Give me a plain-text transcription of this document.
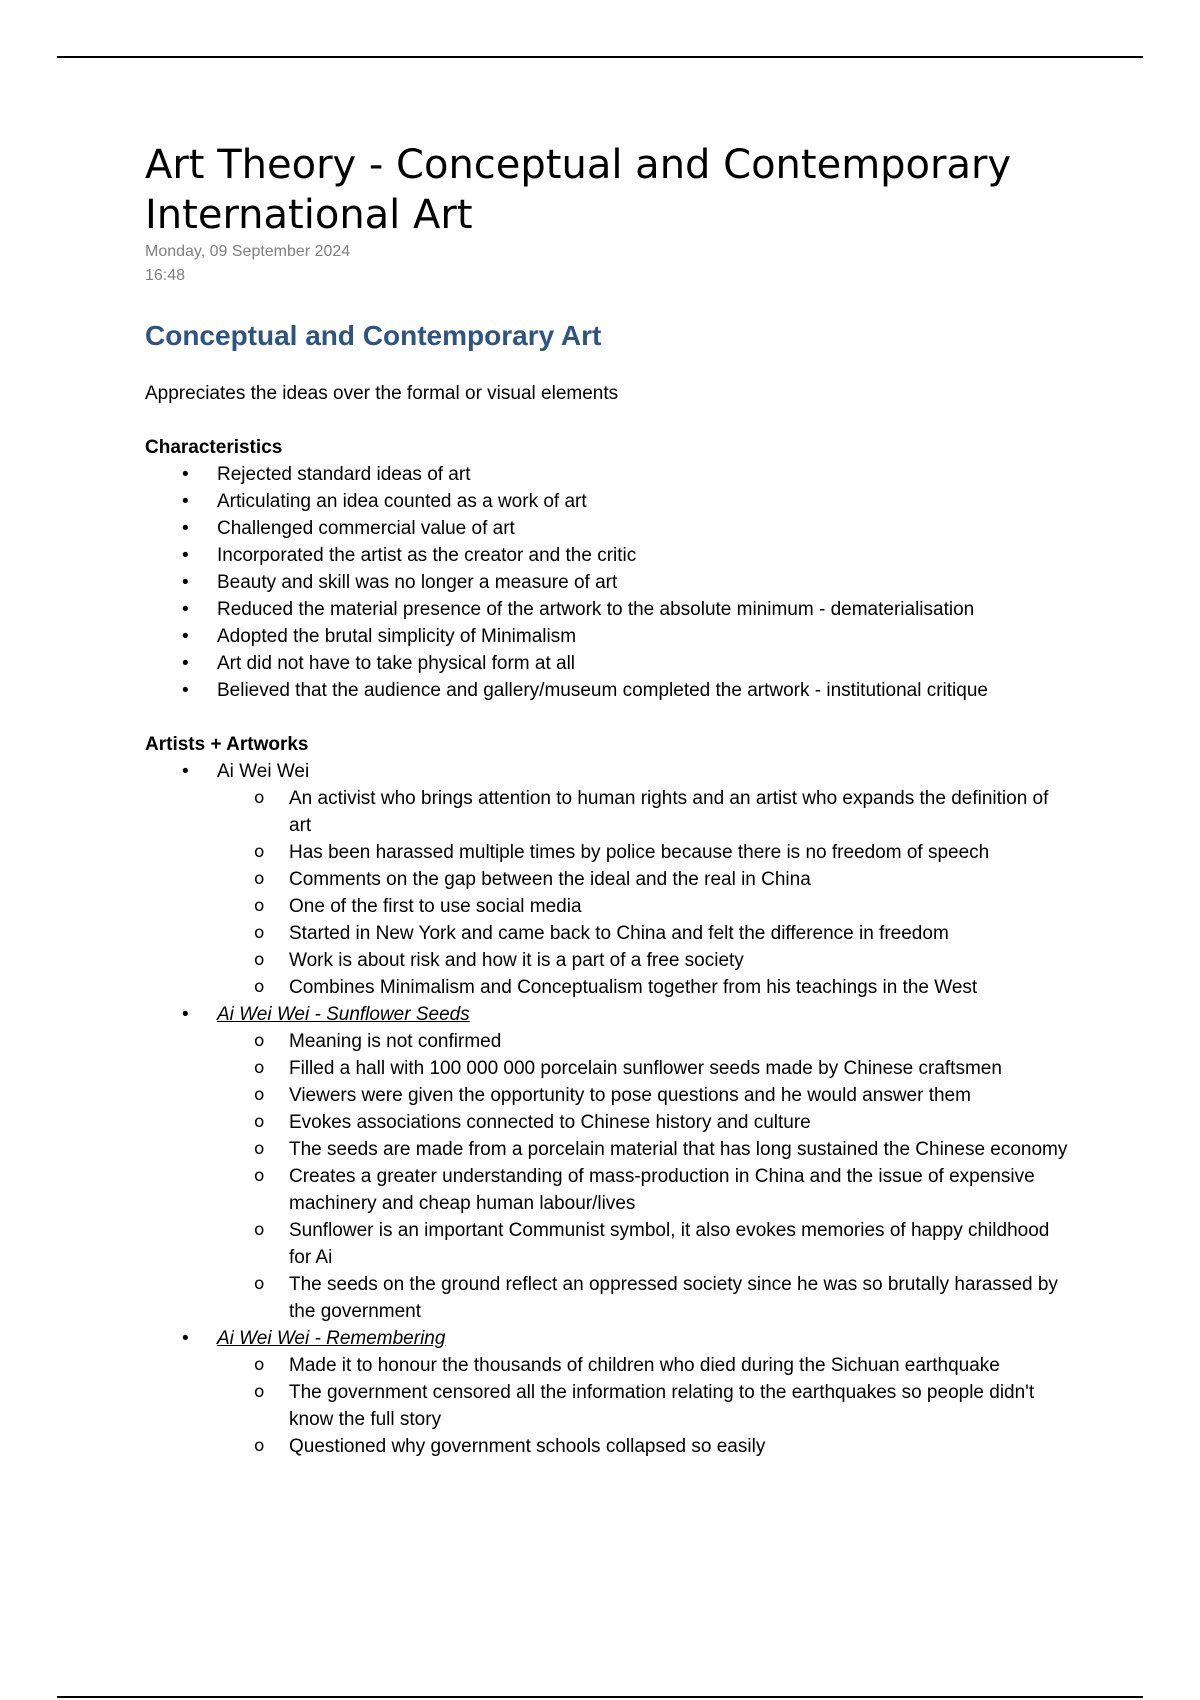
Art Theory - Conceptual and Contemporary International Art
Monday, 09 September 2024
16:48
Conceptual and Contemporary Art
Appreciates the ideas over the formal or visual elements
Characteristics
• Rejected standard ideas of art
• Articulating an idea counted as a work of art
• Challenged commercial value of art
• Incorporated the artist as the creator and the critic
• Beauty and skill was no longer a measure of art
• Reduced the material presence of the artwork to the absolute minimum - dematerialisation
• Adopted the brutal simplicity of Minimalism
• Art did not have to take physical form at all
• Believed that the audience and gallery/museum completed the artwork - institutional critique
Artists + Artworks
• Ai Wei Wei
o An activist who brings attention to human rights and an artist who expands the definition of art
o Has been harassed multiple times by police because there is no freedom of speech
o Comments on the gap between the ideal and the real in China
o One of the first to use social media
o Started in New York and came back to China and felt the difference in freedom
o Work is about risk and how it is a part of a free society
o Combines Minimalism and Conceptualism together from his teachings in the West
• Ai Wei Wei - Sunflower Seeds
o Meaning is not confirmed
o Filled a hall with 100 000 000 porcelain sunflower seeds made by Chinese craftsmen
o Viewers were given the opportunity to pose questions and he would answer them
o Evokes associations connected to Chinese history and culture
o The seeds are made from a porcelain material that has long sustained the Chinese economy
o Creates a greater understanding of mass-production in China and the issue of expensive machinery and cheap human labour/lives
o Sunflower is an important Communist symbol, it also evokes memories of happy childhood for Ai
o The seeds on the ground reflect an oppressed society since he was so brutally harassed by the government
• Ai Wei Wei - Remembering
o Made it to honour the thousands of children who died during the Sichuan earthquake
o The government censored all the information relating to the earthquakes so people didn't know the full story
o Questioned why government schools collapsed so easily
